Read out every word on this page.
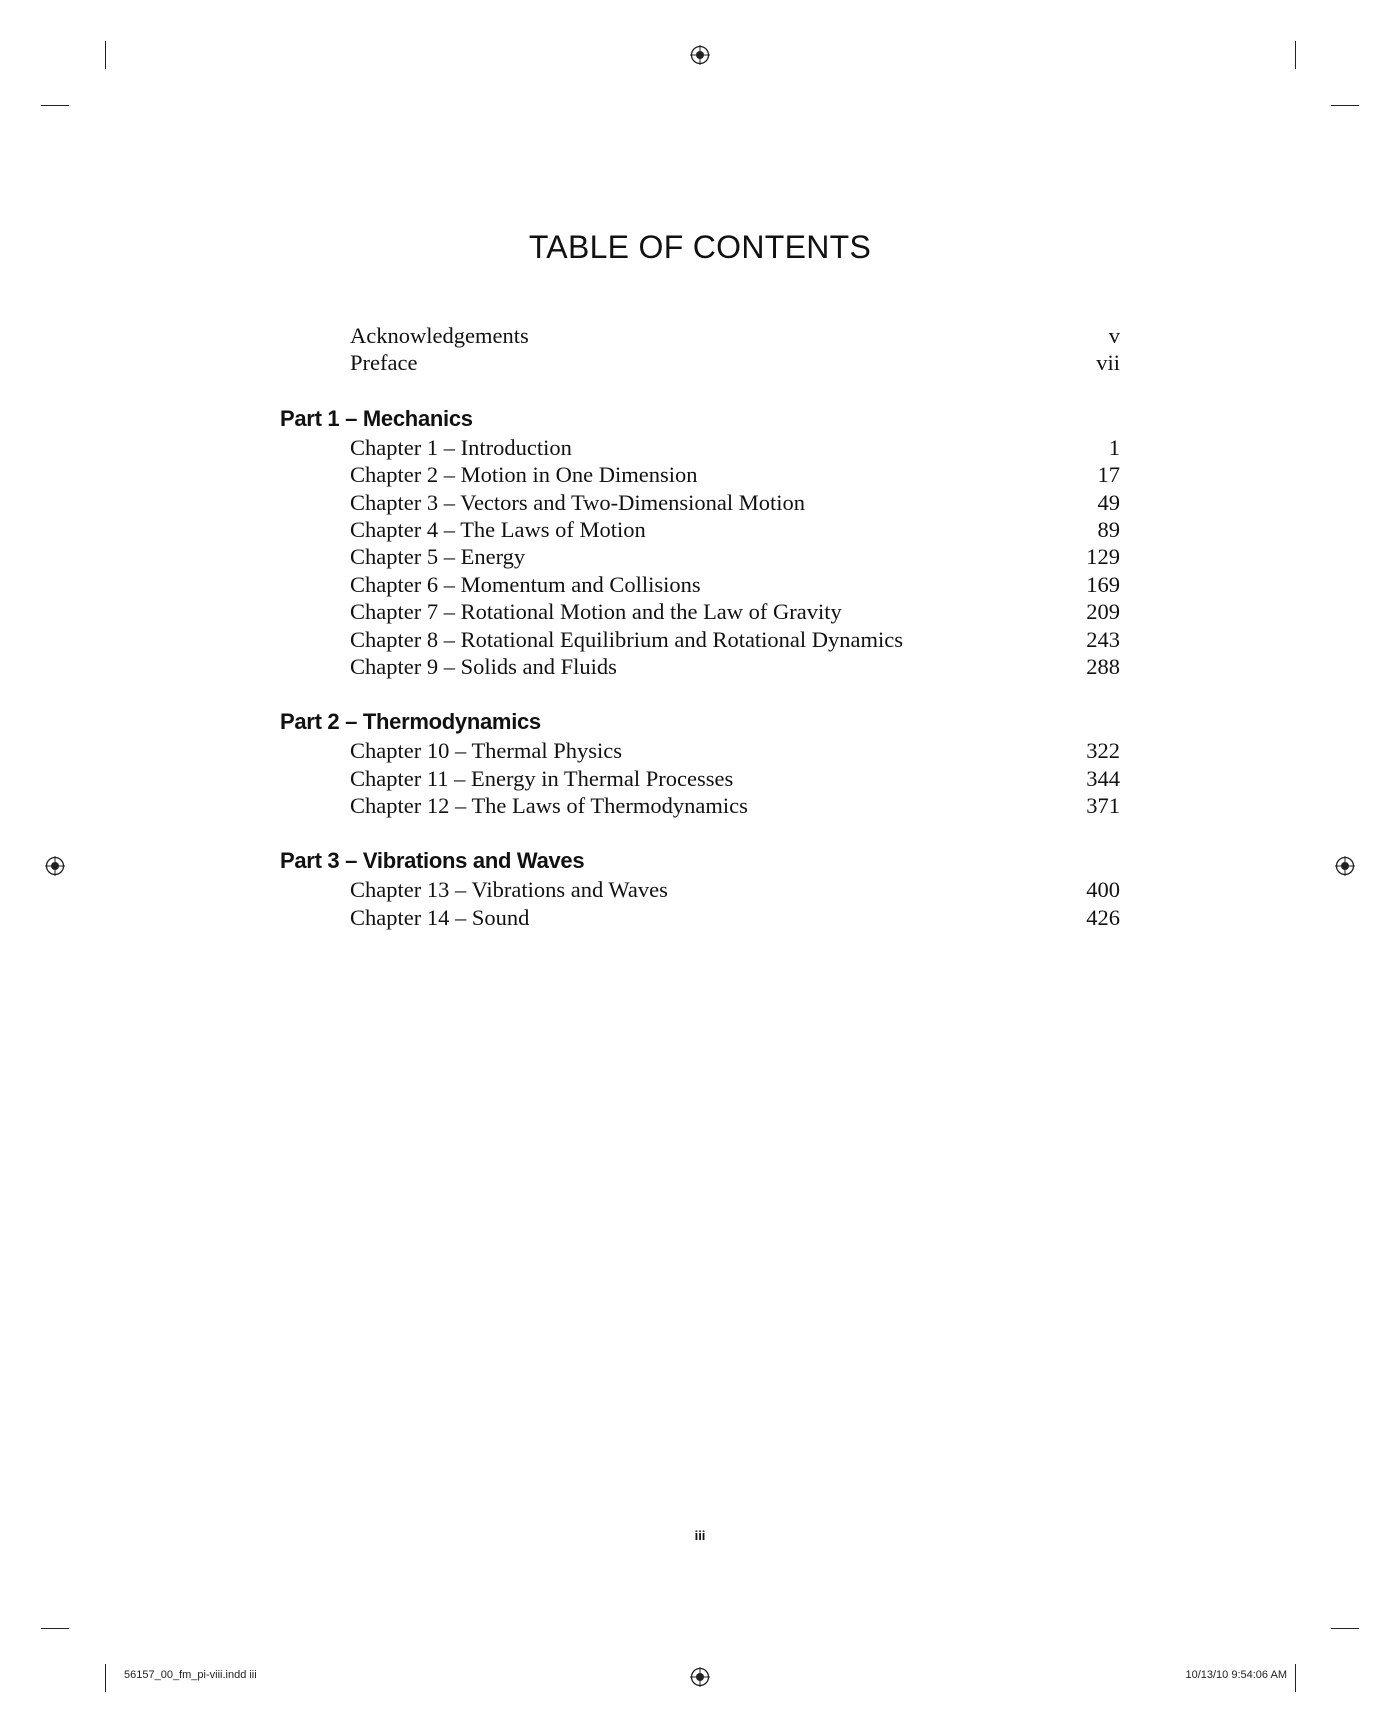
TABLE OF CONTENTS
Acknowledgements	v
Preface	vii
Part 1 – Mechanics
Chapter 1 – Introduction	1
Chapter 2 – Motion in One Dimension	17
Chapter 3 – Vectors and Two-Dimensional Motion	49
Chapter 4 – The Laws of Motion	89
Chapter 5 – Energy	129
Chapter 6 – Momentum and Collisions	169
Chapter 7 – Rotational Motion and the Law of Gravity	209
Chapter 8 – Rotational Equilibrium and Rotational Dynamics	243
Chapter 9 – Solids and Fluids	288
Part 2 – Thermodynamics
Chapter 10 – Thermal Physics	322
Chapter 11 – Energy in Thermal Processes	344
Chapter 12 – The Laws of Thermodynamics	371
Part 3 – Vibrations and Waves
Chapter 13 – Vibrations and Waves	400
Chapter 14 – Sound	426
iii
56157_00_fm_pi-viii.indd iii	10/13/10 9:54:06 AM
